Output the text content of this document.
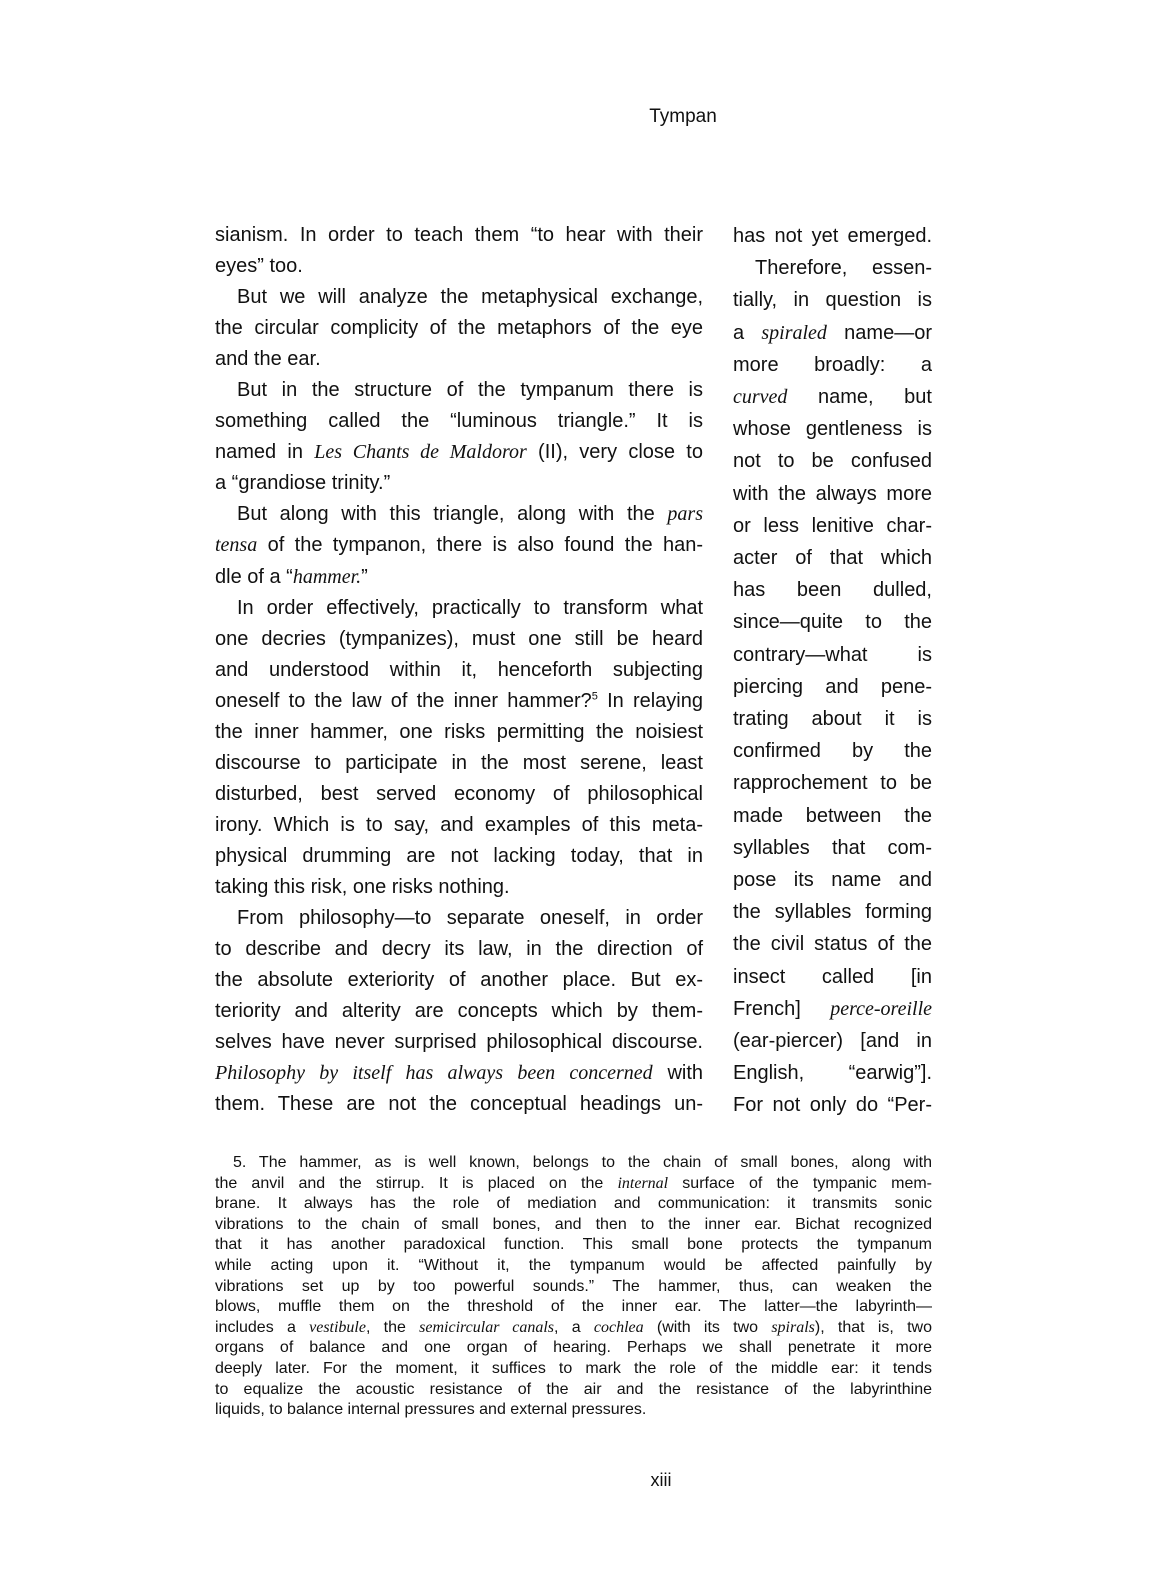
Tympan
sianism. In order to teach them “to hear with their
eyes” too.
But we will analyze the metaphysical exchange,
the circular complicity of the metaphors of the eye
and the ear.
But in the structure of the tympanum there is
something called the “luminous triangle.” It is
named in Les Chants de Maldoror (II), very close to
a “grandiose trinity.”
But along with this triangle, along with the pars
tensa of the tympanon, there is also found the han-
dle of a “hammer.”
In order effectively, practically to transform what
one decries (tympanizes), must one still be heard
and understood within it, henceforth subjecting
oneself to the law of the inner hammer?$^5$ In relaying
the inner hammer, one risks permitting the noisiest
discourse to participate in the most serene, least
disturbed, best served economy of philosophical
irony. Which is to say, and examples of this meta-
physical drumming are not lacking today, that in
taking this risk, one risks nothing.
From philosophy—to separate oneself, in order
to describe and decry its law, in the direction of
the absolute exteriority of another place. But ex-
teriority and alterity are concepts which by them-
selves have never surprised philosophical discourse.
Philosophy by itself has always been concerned with
them. These are not the conceptual headings un-
has not yet emerged.
Therefore, essen-
tially, in question is
a spiraled name—or
more broadly: a
curved name, but
whose gentleness is
not to be confused
with the always more
or less lenitive char-
acter of that which
has been dulled,
since—quite to the
contrary—what is
piercing and pene-
trating about it is
confirmed by the
rapprochement to be
made between the
syllables that com-
pose its name and
the syllables forming
the civil status of the
insect called [in
French] perce-oreille
(ear-piercer) [and in
English, “earwig”].
For not only do “Per-
5. The hammer, as is well known, belongs to the chain of small bones, along with
the anvil and the stirrup. It is placed on the internal surface of the tympanic mem-
brane. It always has the role of mediation and communication: it transmits sonic
vibrations to the chain of small bones, and then to the inner ear. Bichat recognized
that it has another paradoxical function. This small bone protects the tympanum
while acting upon it. “Without it, the tympanum would be affected painfully by
vibrations set up by too powerful sounds.” The hammer, thus, can weaken the
blows, muffle them on the threshold of the inner ear. The latter—the labyrinth—
includes a vestibule, the semicircular canals, a cochlea (with its two spirals), that is, two
organs of balance and one organ of hearing. Perhaps we shall penetrate it more
deeply later. For the moment, it suffices to mark the role of the middle ear: it tends
to equalize the acoustic resistance of the air and the resistance of the labyrinthine
liquids, to balance internal pressures and external pressures.
xiii
